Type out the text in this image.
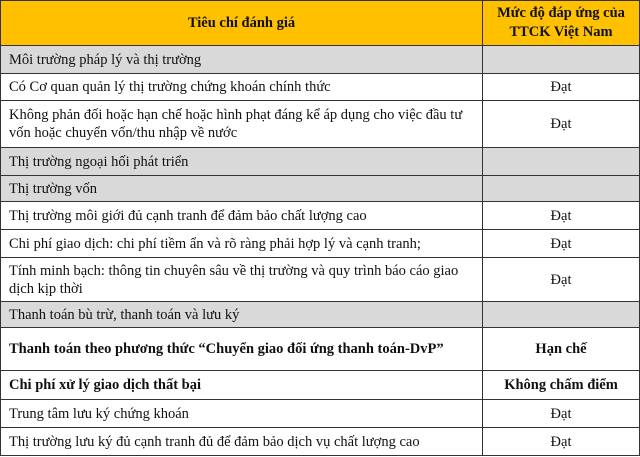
Tiêu chí đánh giá	Mức độ đáp ứng của TTCK Việt Nam
Môi trường pháp lý và thị trường	
Có Cơ quan quản lý thị trường chứng khoán chính thức	Đạt
Không phản đối hoặc hạn chế hoặc hình phạt đáng kể áp dụng cho việc đầu tư vốn hoặc chuyển vốn/thu nhập về nước	Đạt
Thị trường ngoại hối phát triển	
Thị trường vốn	
Thị trường môi giới đủ cạnh tranh để đảm bảo chất lượng cao	Đạt
Chi phí giao dịch: chi phí tiềm ẩn và rõ ràng phải hợp lý và cạnh tranh;	Đạt
Tính minh bạch: thông tin chuyên sâu về thị trường và quy trình báo cáo giao dịch kịp thời	Đạt
Thanh toán bù trừ, thanh toán và lưu ký	
Thanh toán theo phương thức “Chuyển giao đối ứng thanh toán-DvP”	Hạn chế
Chi phí xử lý giao dịch thất bại	Không chấm điểm
Trung tâm lưu ký chứng khoán	Đạt
Thị trường lưu ký đủ cạnh tranh đủ để đảm bảo dịch vụ chất lượng cao	Đạt
